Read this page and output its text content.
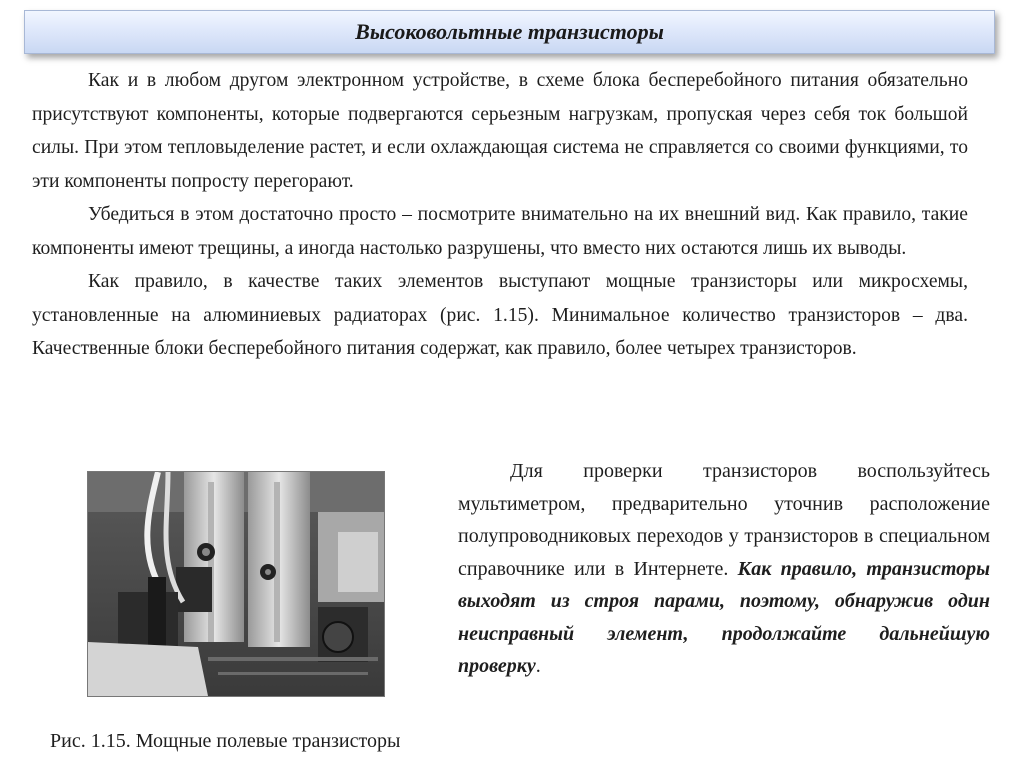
Высоковольтные транзисторы

Как и в любом другом электронном устройстве, в схеме блока бесперебойного питания обязательно присутствуют компоненты, которые подвергаются серьезным нагрузкам, пропуская через себя ток большой силы. При этом тепловыделение растет, и если охлаждающая система не справляется со своими функциями, то эти компоненты попросту перегорают.

Убедиться в этом достаточно просто – посмотрите внимательно на их внешний вид. Как правило, такие компоненты имеют трещины, а иногда настолько разрушены, что вместо них остаются лишь их выводы.

Как правило, в качестве таких элементов выступают мощные транзисторы или микросхемы, установленные на алюминиевых радиаторах (рис. 1.15). Минимальное количество транзисторов – два. Качественные блоки бесперебойного питания содержат, как правило, более четырех транзисторов.

Для проверки транзисторов воспользуйтесь мультиметром, предварительно уточнив расположение полупроводниковых переходов у транзисторов в специальном справочнике или в Интернете. Как правило, транзисторы выходят из строя парами, поэтому, обнаружив один неисправный элемент, продолжайте дальнейшую проверку.

Рис. 1.15. Мощные полевые транзисторы
